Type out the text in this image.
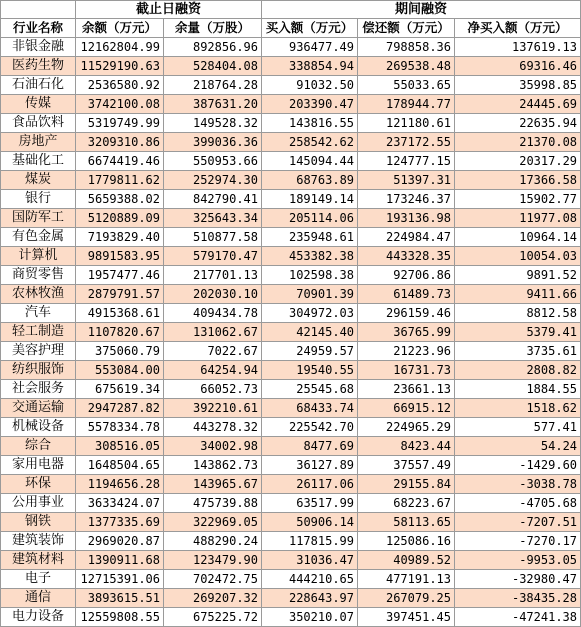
	截止日融资		期间融资		
行业名称	余额（万元）	余量（万股）	买入额（万元）	偿还额（万元）	净买入额（万元）
非银金融	12162804.99	892856.96	936477.49	798858.36	137619.13
医药生物	11529190.63	528404.08	338854.94	269538.48	69316.46
石油石化	2536580.92	218764.28	91032.50	55033.65	35998.85
传媒	3742100.08	387631.20	203390.47	178944.77	24445.69
食品饮料	5319749.99	149528.32	143816.55	121180.61	22635.94
房地产	3209310.86	399036.36	258542.62	237172.55	21370.08
基础化工	6674419.46	550953.66	145094.44	124777.15	20317.29
煤炭	1779811.62	252974.30	68763.89	51397.31	17366.58
银行	5659388.02	842790.41	189149.14	173246.37	15902.77
国防军工	5120889.09	325643.34	205114.06	193136.98	11977.08
有色金属	7193829.40	510877.58	235948.61	224984.47	10964.14
计算机	9891583.95	579170.47	453382.38	443328.35	10054.03
商贸零售	1957477.46	217701.13	102598.38	92706.86	9891.52
农林牧渔	2879791.57	202030.10	70901.39	61489.73	9411.66
汽车	4915368.61	409434.78	304972.03	296159.46	8812.58
轻工制造	1107820.67	131062.67	42145.40	36765.99	5379.41
美容护理	375060.79	7022.67	24959.57	21223.96	3735.61
纺织服饰	553084.00	64254.94	19540.55	16731.73	2808.82
社会服务	675619.34	66052.73	25545.68	23661.13	1884.55
交通运输	2947287.82	392210.61	68433.74	66915.12	1518.62
机械设备	5578334.78	443278.32	225542.70	224965.29	577.41
综合	308516.05	34002.98	8477.69	8423.44	54.24
家用电器	1648504.65	143862.73	36127.89	37557.49	-1429.60
环保	1194656.28	143965.67	26117.06	29155.84	-3038.78
公用事业	3633424.07	475739.88	63517.99	68223.67	-4705.68
钢铁	1377335.69	322969.05	50906.14	58113.65	-7207.51
建筑装饰	2969020.87	488290.24	117815.99	125086.16	-7270.17
建筑材料	1390911.68	123479.90	31036.47	40989.52	-9953.05
电子	12715391.06	702472.75	444210.65	477191.13	-32980.47
通信	3893615.51	269207.32	228643.97	267079.25	-38435.28
电力设备	12559808.55	675225.72	350210.07	397451.45	-47241.38
